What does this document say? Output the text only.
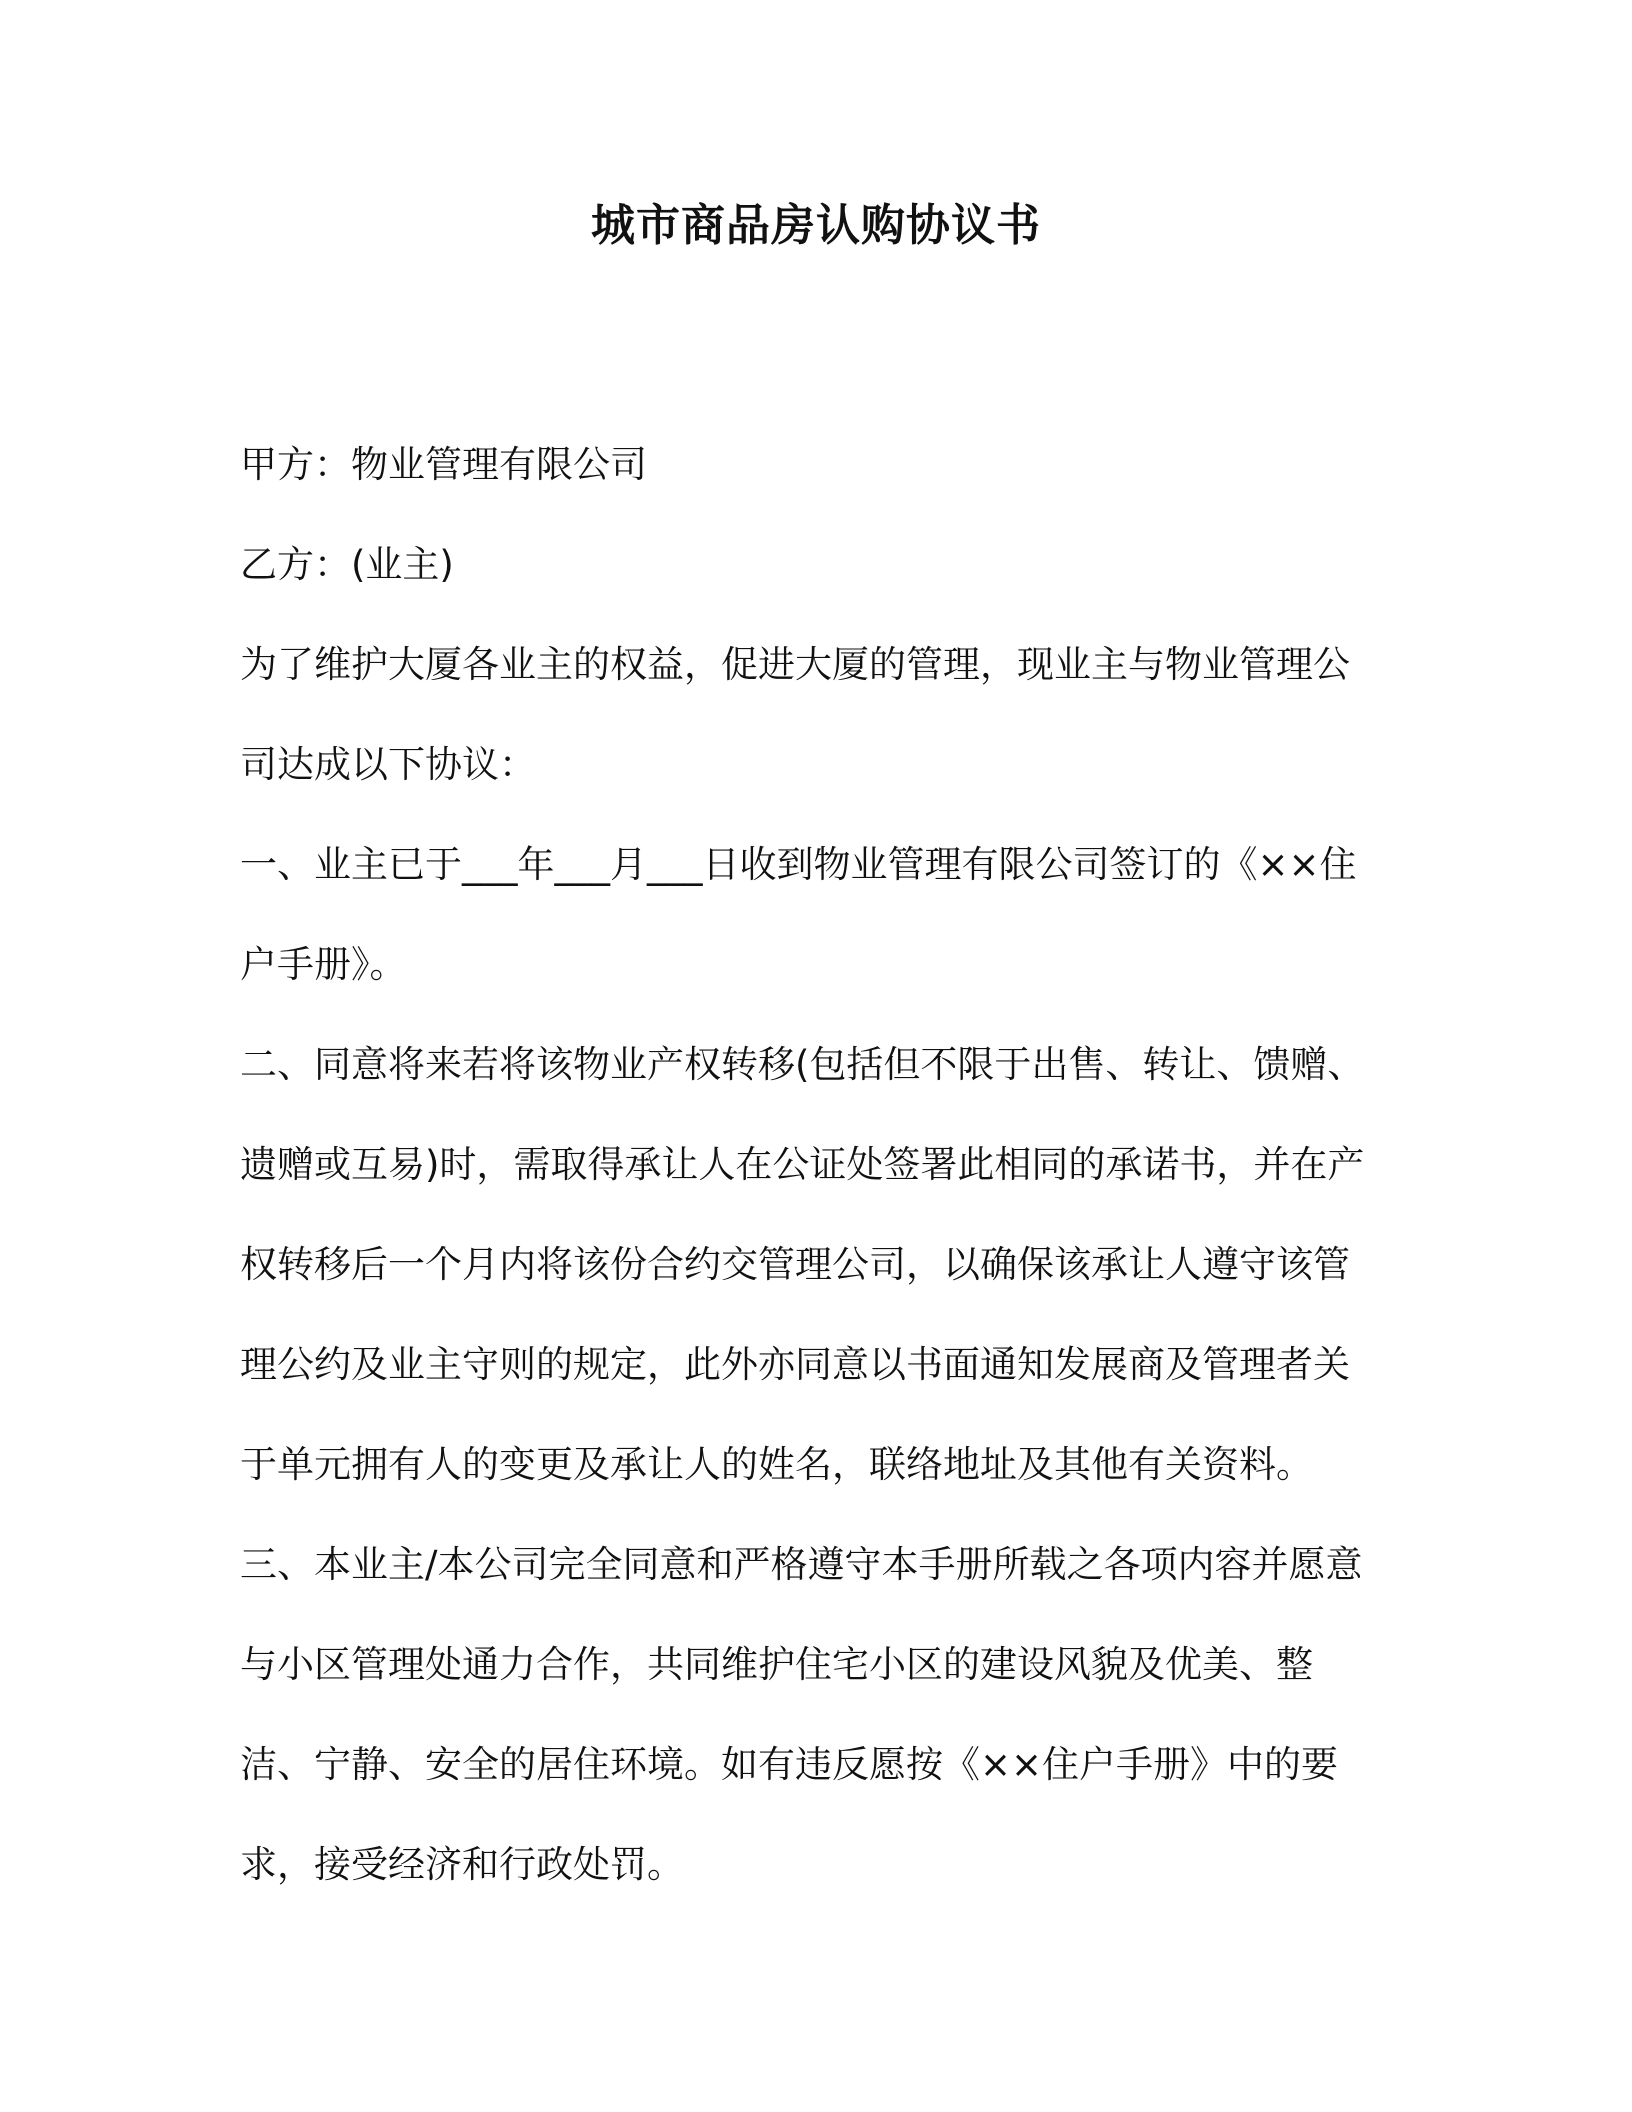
城市商品房认购协议书

甲方：物业管理有限公司

乙方：(业主)

为了维护大厦各业主的权益，促进大厦的管理，现业主与物业管理公司达成以下协议：

一、业主已于___年___月___日收到物业管理有限公司签订的《××住户手册》。

二、同意将来若将该物业产权转移(包括但不限于出售、转让、馈赠、遗赠或互易)时，需取得承让人在公证处签署此相同的承诺书，并在产权转移后一个月内将该份合约交管理公司，以确保该承让人遵守该管理公约及业主守则的规定，此外亦同意以书面通知发展商及管理者关于单元拥有人的变更及承让人的姓名，联络地址及其他有关资料。三、本业主/本公司完全同意和严格遵守本手册所载之各项内容并愿意与小区管理处通力合作，共同维护住宅小区的建设风貌及优美、整洁、宁静、安全的居住环境。如有违反愿按《××住户手册》中的要求，接受经济和行政处罚。
